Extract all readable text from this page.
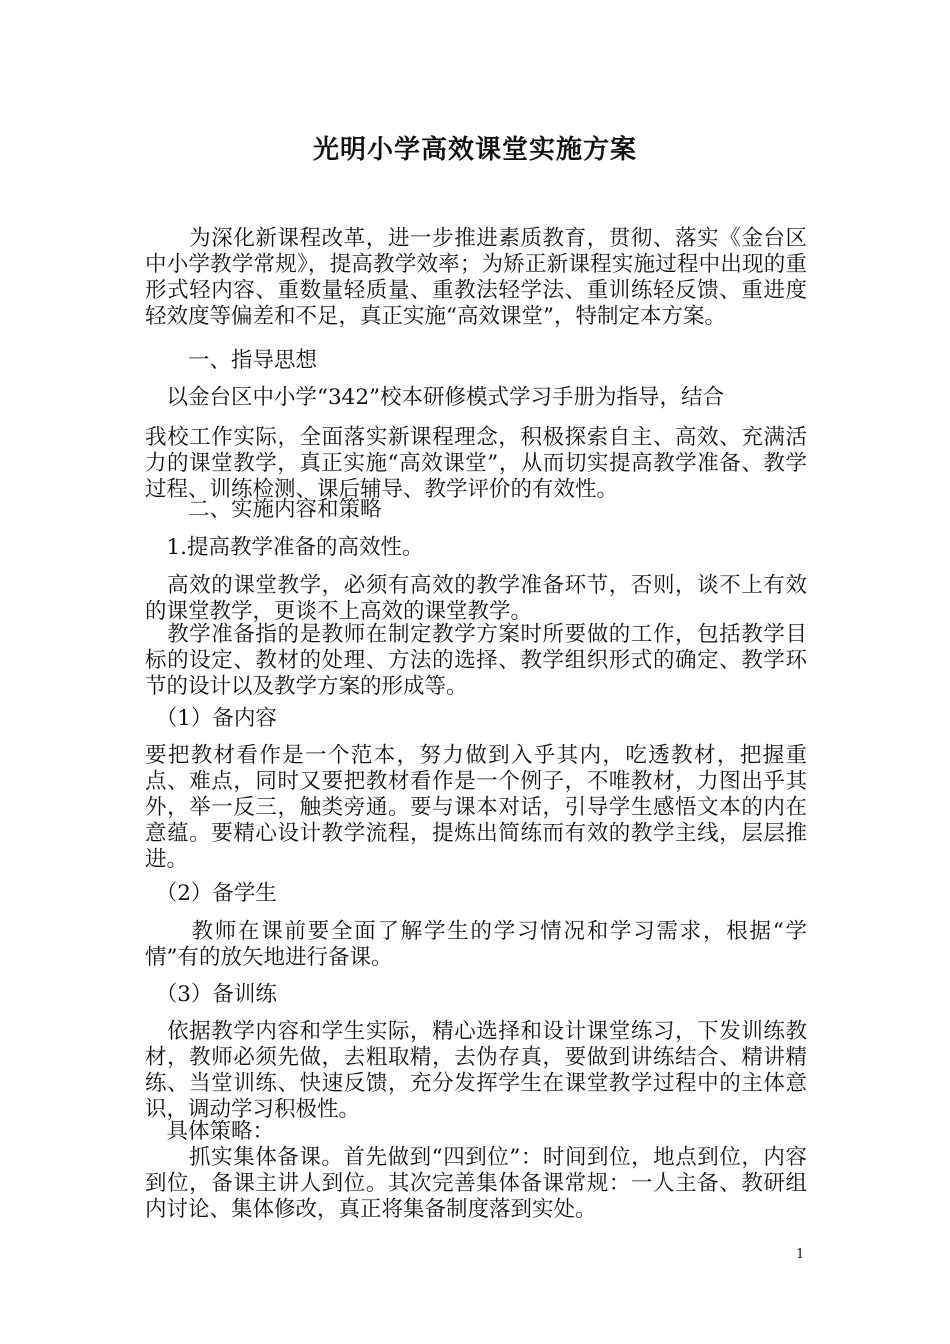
光明小学高效课堂实施方案

　　为深化新课程改革，进一步推进素质教育，贯彻、落实《金台区中小学教学常规》，提高教学效率；为矫正新课程实施过程中出现的重形式轻内容、重数量轻质量、重教法轻学法、重训练轻反馈、重进度轻效度等偏差和不足，真正实施“高效课堂”，特制定本方案。

　　一、指导思想

　以金台区中小学“342”校本研修模式学习手册为指导，结合

我校工作实际，全面落实新课程理念，积极探索自主、高效、充满活力的课堂教学，真正实施“高效课堂”，从而切实提高教学准备、教学过程、训练检测、课后辅导、教学评价的有效性。

　　二、实施内容和策略

　1.提高教学准备的高效性。

　高效的课堂教学，必须有高效的教学准备环节，否则，谈不上有效的课堂教学，更谈不上高效的课堂教学。

　教学准备指的是教师在制定教学方案时所要做的工作，包括教学目标的设定、教材的处理、方法的选择、教学组织形式的确定、教学环节的设计以及教学方案的形成等。

　（1）备内容

要把教材看作是一个范本，努力做到入乎其内，吃透教材，把握重点、难点，同时又要把教材看作是一个例子，不唯教材，力图出乎其外，举一反三，触类旁通。要与课本对话，引导学生感悟文本的内在意蕴。要精心设计教学流程，提炼出简练而有效的教学主线，层层推进。

　（2）备学生

　　教师在课前要全面了解学生的学习情况和学习需求，根据“学情”有的放矢地进行备课。

　（3）备训练

　依据教学内容和学生实际，精心选择和设计课堂练习，下发训练教材，教师必须先做，去粗取精，去伪存真，要做到讲练结合、精讲精练、当堂训练、快速反馈，充分发挥学生在课堂教学过程中的主体意识，调动学习积极性。

　具体策略：

　　抓实集体备课。首先做到“四到位”：时间到位，地点到位，内容到位，备课主讲人到位。其次完善集体备课常规：一人主备、教研组内讨论、集体修改，真正将集备制度落到实处。

1
